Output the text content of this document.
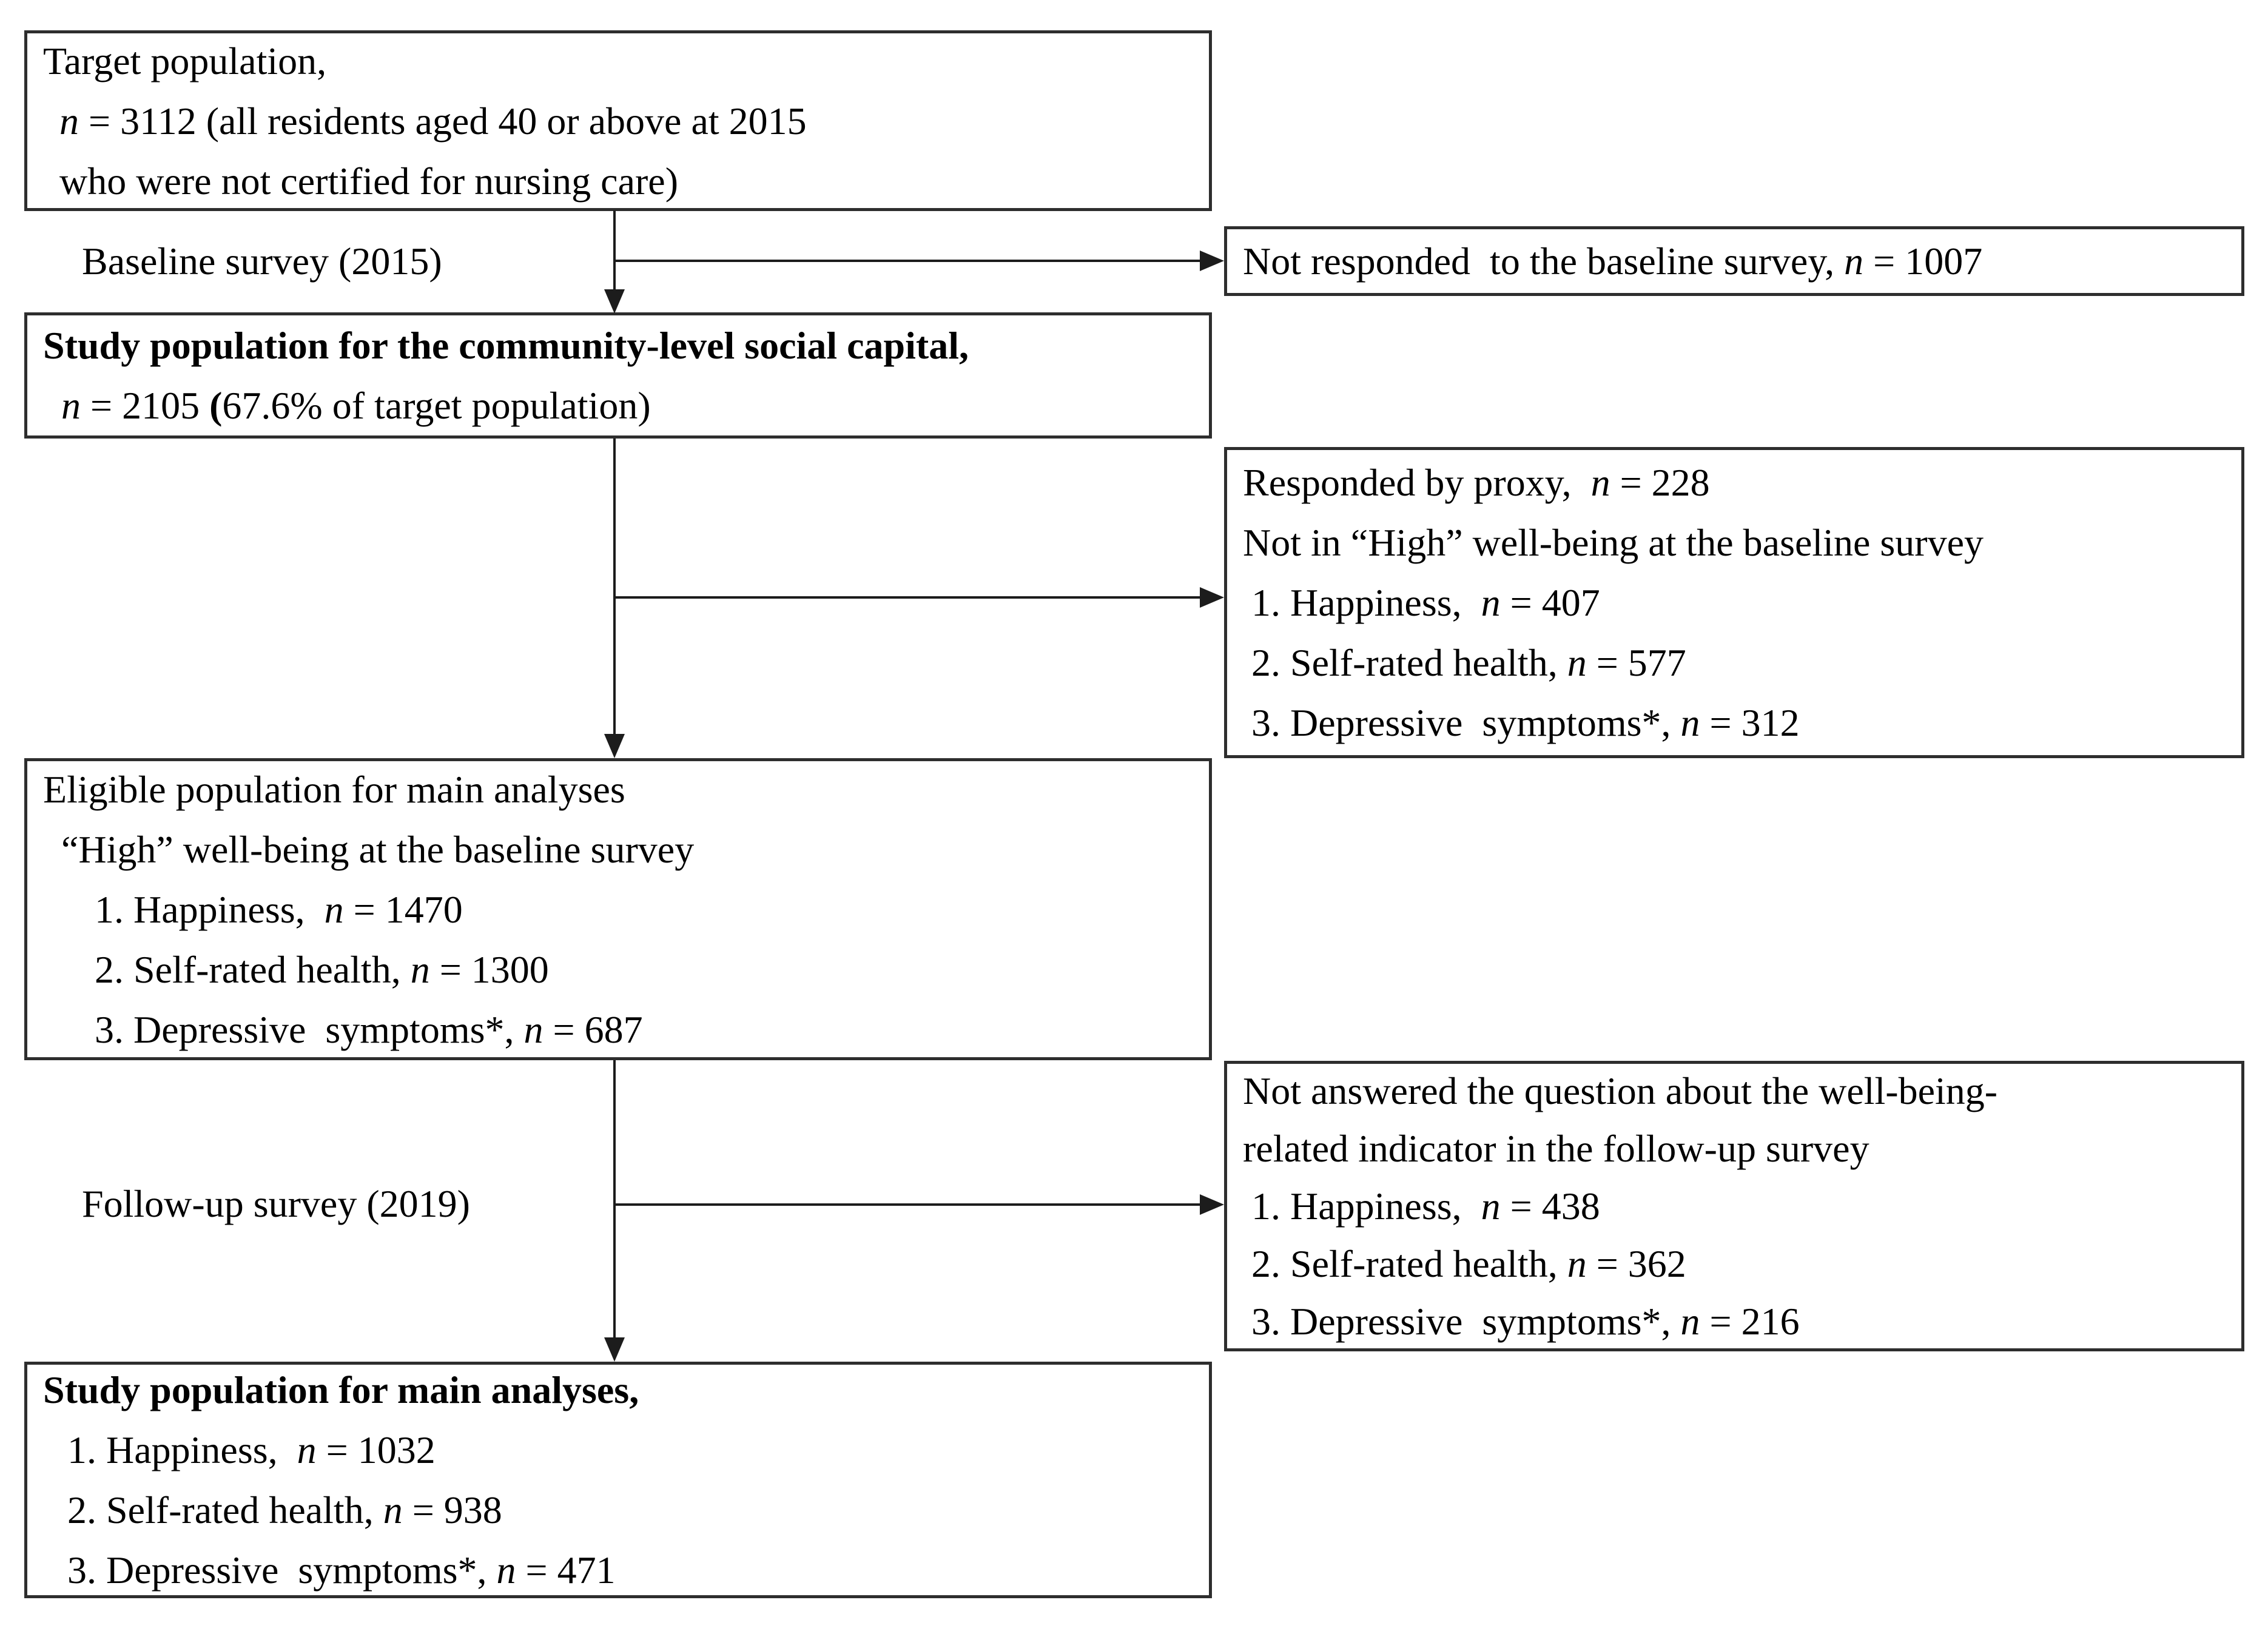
Target population,
n = 3112 (all residents aged 40 or above at 2015
who were not certified for nursing care)
Study population for the community-level social capital,
n = 2105 (67.6% of target population)
Eligible population for main analyses
“High” well-being at the baseline survey
1. Happiness,  n = 1470
2. Self-rated health, n = 1300
3. Depressive  symptoms*, n = 687
Study population for main analyses,
1. Happiness,  n = 1032
2. Self-rated health, n = 938
3. Depressive  symptoms*, n = 471
Not responded  to the baseline survey, n = 1007
Responded by proxy,  n = 228
Not in “High” well-being at the baseline survey
1. Happiness,  n = 407
2. Self-rated health, n = 577
3. Depressive  symptoms*, n = 312
Not answered the question about the well-being-
related indicator in the follow-up survey
1. Happiness,  n = 438
2. Self-rated health, n = 362
3. Depressive  symptoms*, n = 216
Baseline survey (2015)
Follow-up survey (2019)
